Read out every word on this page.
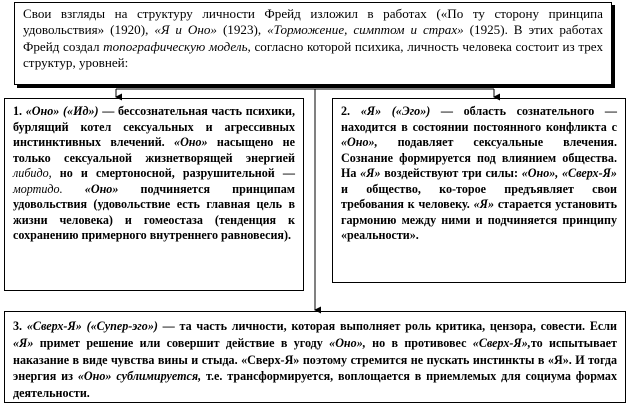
Свои взгляды на структуру личности Фрейд изложил в работах («По ту сторону принципа удовольствия» (1920), «Я и Оно» (1923), «Торможение, симптом и страх» (1925). В этих работах Фрейд создал топографическую модель, согласно которой психика, личность человека состоит из трех структур, уровней:

1. «Оно» («Ид») — бессознательная часть психики, бурлящий котел сексуальных и агрессивных инстинктивных влечений. «Оно» насыщено не только сексуальной жизнетворящей энергией либидо, но и смертоносной, разрушительной — мортидо. «Оно» подчиняется принципам удовольствия (удовольствие есть главная цель в жизни человека) и гомеостаза (тенденция к сохранению примерного внутреннего равновесия).

2. «Я» («Эго») — область сознательного — находится в состоянии постоянного конфликта с «Оно», подавляет сексуальные влечения. Сознание формируется под влиянием общества. На «Я» воздействуют три силы: «Оно», «Сверх-Я» и общество, ко-торое предъявляет свои требования к человеку. «Я» старается установить гармонию между ними и подчиняется принципу «реальности».

3. «Сверх-Я» («Супер-эго») — та часть личности, которая выполняет роль критика, цензора, совести. Если «Я» примет решение или совершит действие в угоду «Оно», но в противовес «Сверх-Я»,то испытывает наказание в виде чувства вины и стыда. «Сверх-Я» поэтому стремится не пускать инстинкты в «Я». И тогда энергия из «Оно» сублимируется, т.е. трансформируется, воплощается в приемлемых для социума формах деятельности.
